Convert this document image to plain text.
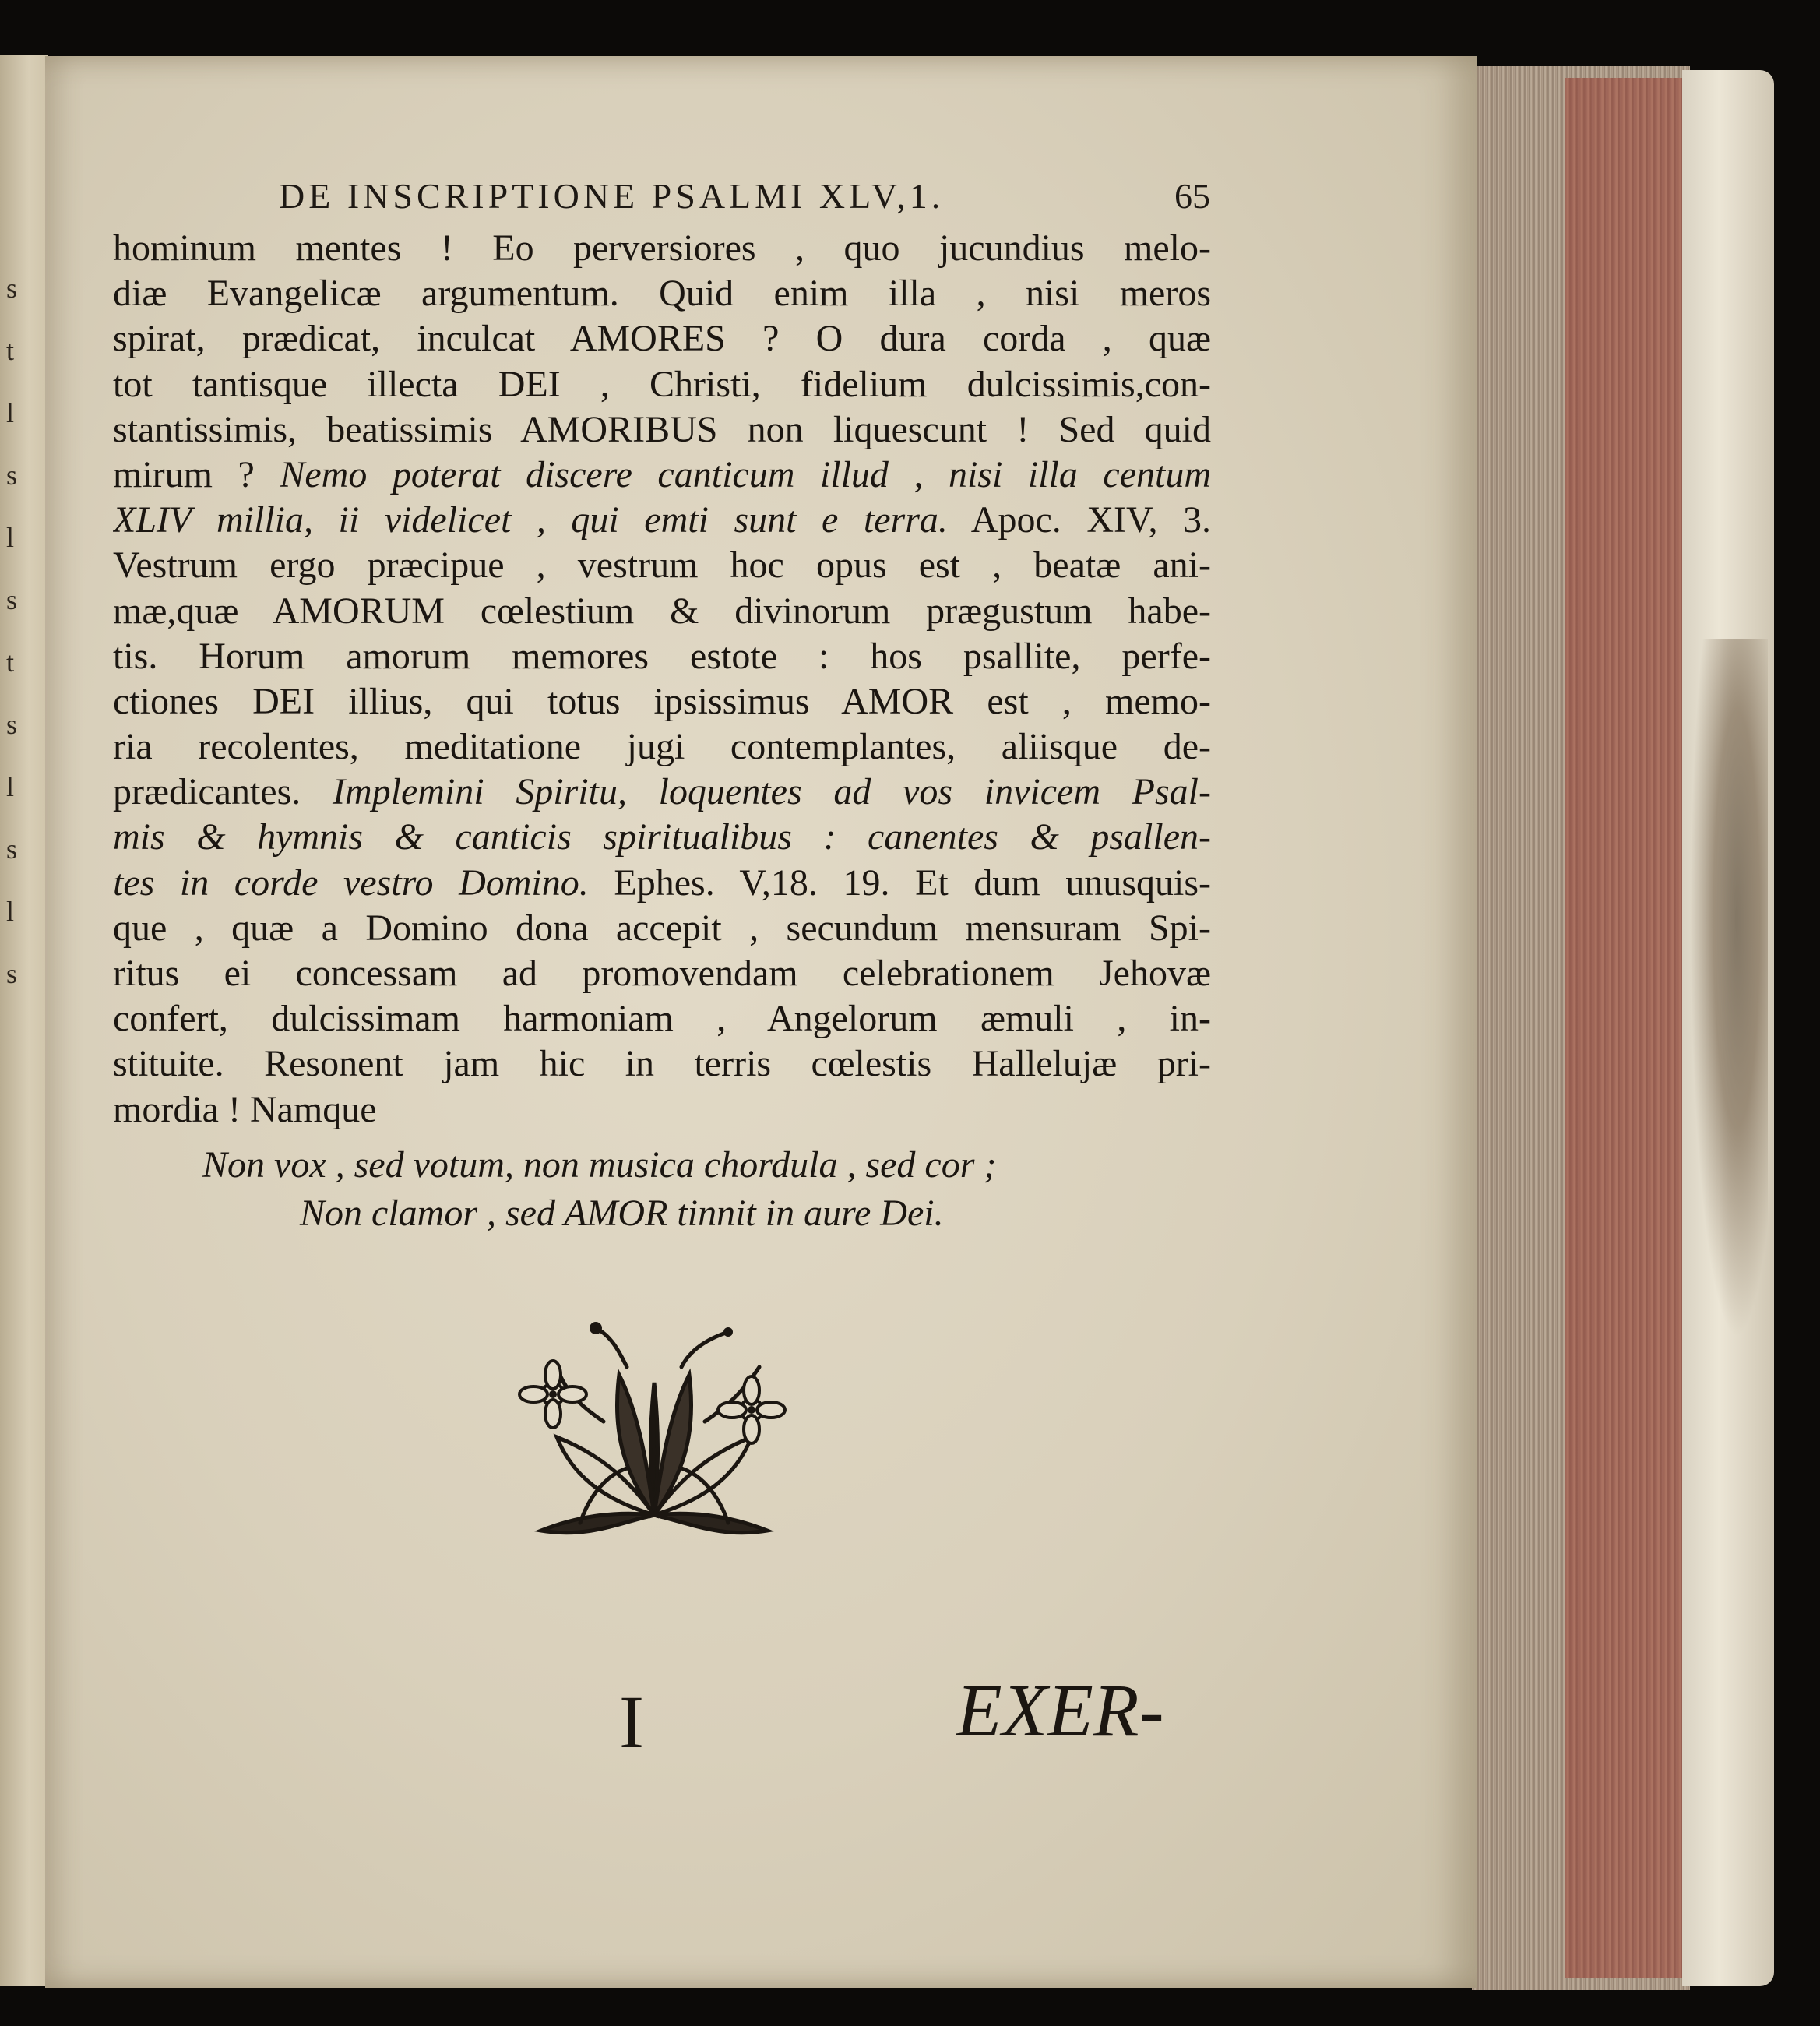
s
t
l
s
l
s
t
s
l
s
l
s
DE INSCRIPTIONE PSALMI XLV,1.	65
hominum mentes ! Eo perversiores , quo jucundius melo-
diæ Evangelicæ argumentum. Quid enim illa , nisi meros
spirat, prædicat, inculcat AMORES ? O dura corda , quæ
tot tantisque illecta DEI , Christi, fidelium dulcissimis,con-
stantissimis, beatissimis AMORIBUS non liquescunt ! Sed quid
mirum ? Nemo poterat discere canticum illud , nisi illa centum
XLIV millia, ii videlicet , qui emti sunt e terra. Apoc. XIV, 3.
Vestrum ergo præcipue , vestrum hoc opus est , beatæ ani-
mæ,quæ AMORUM cœlestium & divinorum prægustum habe-
tis. Horum amorum memores estote : hos psallite, perfe-
ctiones DEI illius, qui totus ipsissimus AMOR est , memo-
ria recolentes, meditatione jugi contemplantes, aliisque de-
prædicantes. Implemini Spiritu, loquentes ad vos invicem Psal-
mis & hymnis & canticis spiritualibus : canentes & psallen-
tes in corde vestro Domino. Ephes. V,18. 19. Et dum unusquis-
que , quæ a Domino dona accepit , secundum mensuram Spi-
ritus ei concessam ad promovendam celebrationem Jehovæ
confert, dulcissimam harmoniam , Angelorum æmuli , in-
stituite. Resonent jam hic in terris cœlestis Hallelujæ pri-
mordia ! Namque
Non vox , sed votum, non musica chordula , sed cor ;
Non clamor , sed AMOR tinnit in aure Dei.
I	EXER-
